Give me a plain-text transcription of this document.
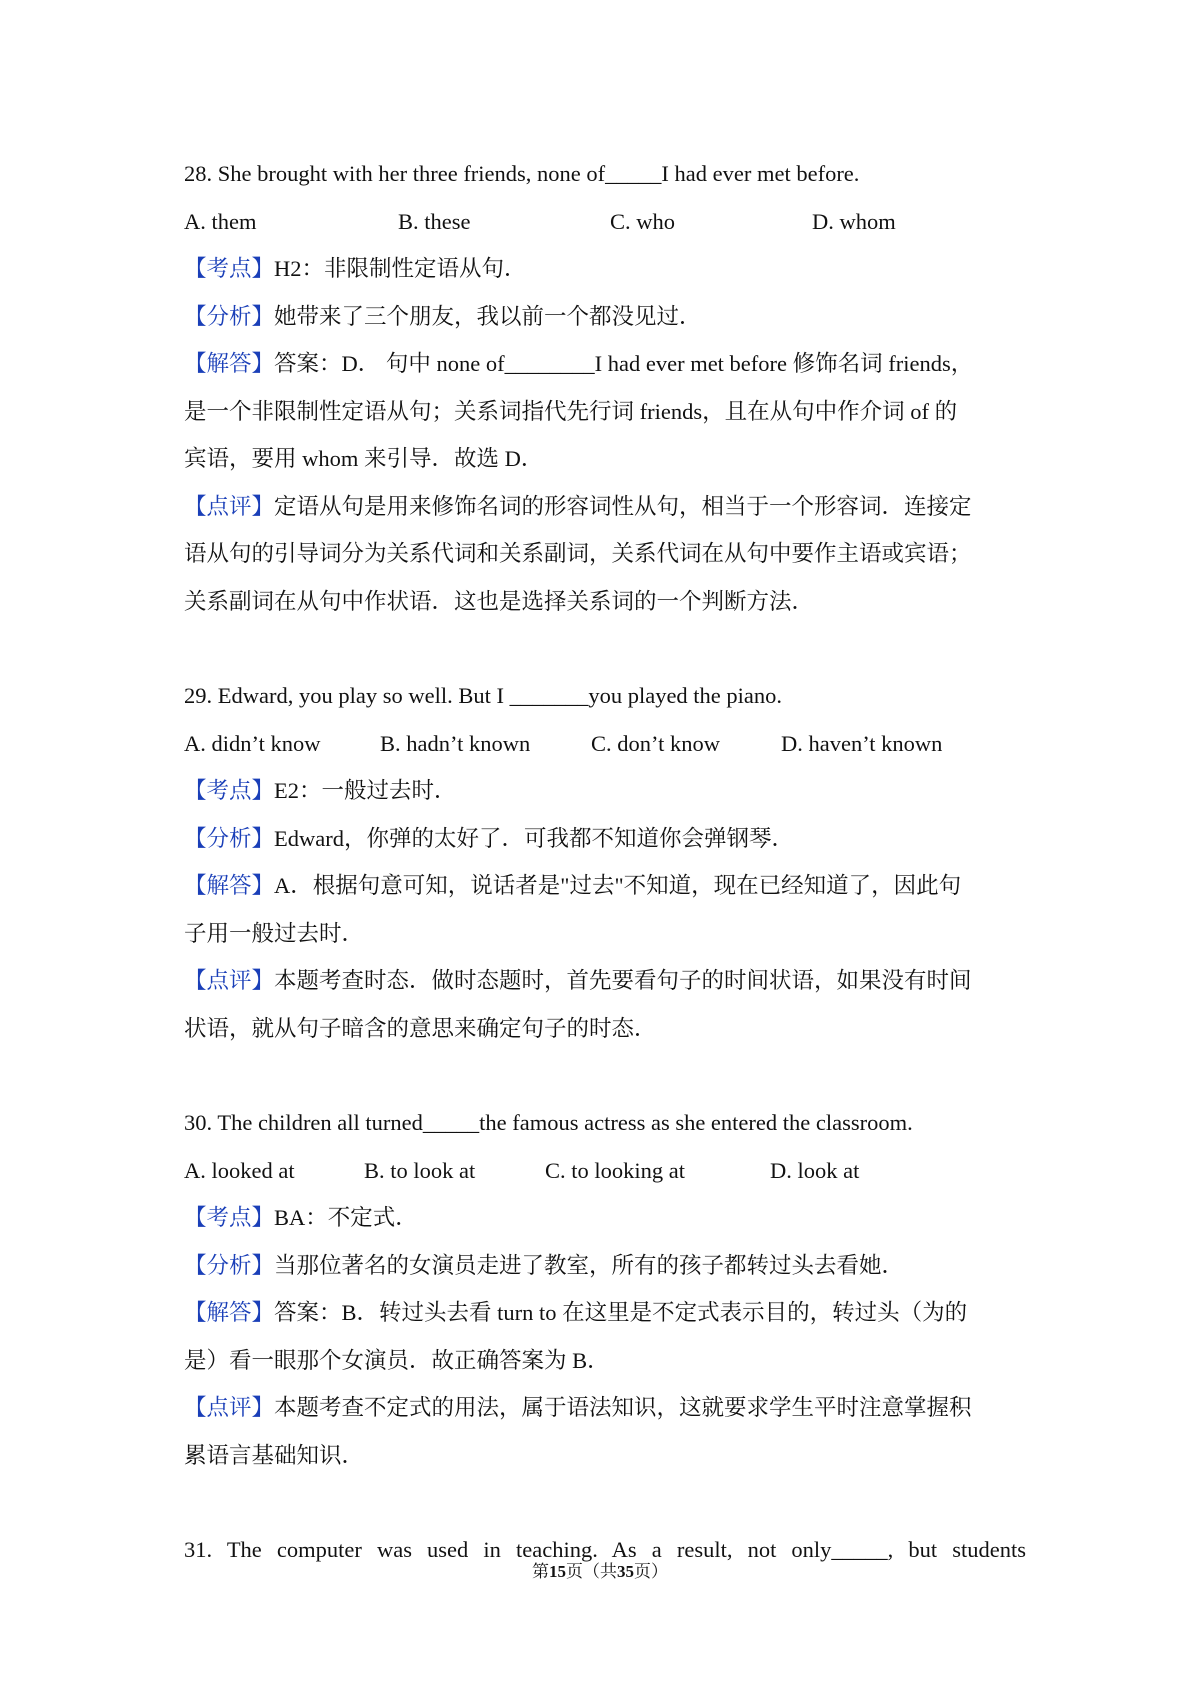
28. She brought with her three friends, none of_____I had ever met before.

A. them	B. these	C. who	D. whom

【考点】H2：非限制性定语从句．

【分析】她带来了三个朋友，我以前一个都没见过．

【解答】答案：D． 句中 none of________I had ever met before 修饰名词 friends，

是一个非限制性定语从句；关系词指代先行词 friends，且在从句中作介词 of 的

宾语，要用 whom 来引导．故选 D．

【点评】定语从句是用来修饰名词的形容词性从句，相当于一个形容词．连接定

语从句的引导词分为关系代词和关系副词，关系代词在从句中要作主语或宾语；

关系副词在从句中作状语．这也是选择关系词的一个判断方法．

29. Edward, you play so well. But I _______you played the piano.

A. didn’t know	B. hadn’t known	C. don’t know	D. haven’t known

【考点】E2：一般过去时．

【分析】Edward，你弹的太好了．可我都不知道你会弹钢琴．

【解答】A．根据句意可知，说话者是"过去"不知道，现在已经知道了，因此句

子用一般过去时．

【点评】本题考查时态．做时态题时，首先要看句子的时间状语，如果没有时间

状语，就从句子暗含的意思来确定句子的时态．

30. The children all turned_____the famous actress as she entered the classroom.

A. looked at	B. to look at	C. to looking at	D. look at

【考点】BA：不定式．

【分析】当那位著名的女演员走进了教室，所有的孩子都转过头去看她．

【解答】答案：B．转过头去看 turn to 在这里是不定式表示目的，转过头（为的

是）看一眼那个女演员．故正确答案为 B．

【点评】本题考查不定式的用法，属于语法知识，这就要求学生平时注意掌握积

累语言基础知识．

31. The computer was used in teaching. As a result, not only_____, but students

第15页（共35页）
